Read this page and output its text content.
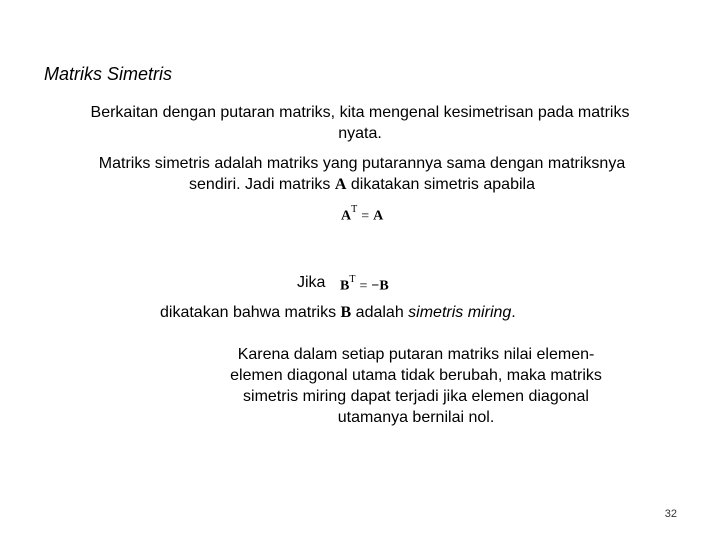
Matriks Simetris
Berkaitan dengan putaran matriks, kita mengenal kesimetrisan pada matriks nyata.
Matriks simetris adalah matriks yang putarannya sama dengan matriksnya sendiri. Jadi matriks A dikatakan simetris apabila
$A^T = A$
Jika $B^T = -B$
dikatakan bahwa matriks B adalah simetris miring.
Karena dalam setiap putaran matriks nilai elemen-elemen diagonal utama tidak berubah, maka matriks simetris miring dapat terjadi jika elemen diagonal utamanya bernilai nol.
32
